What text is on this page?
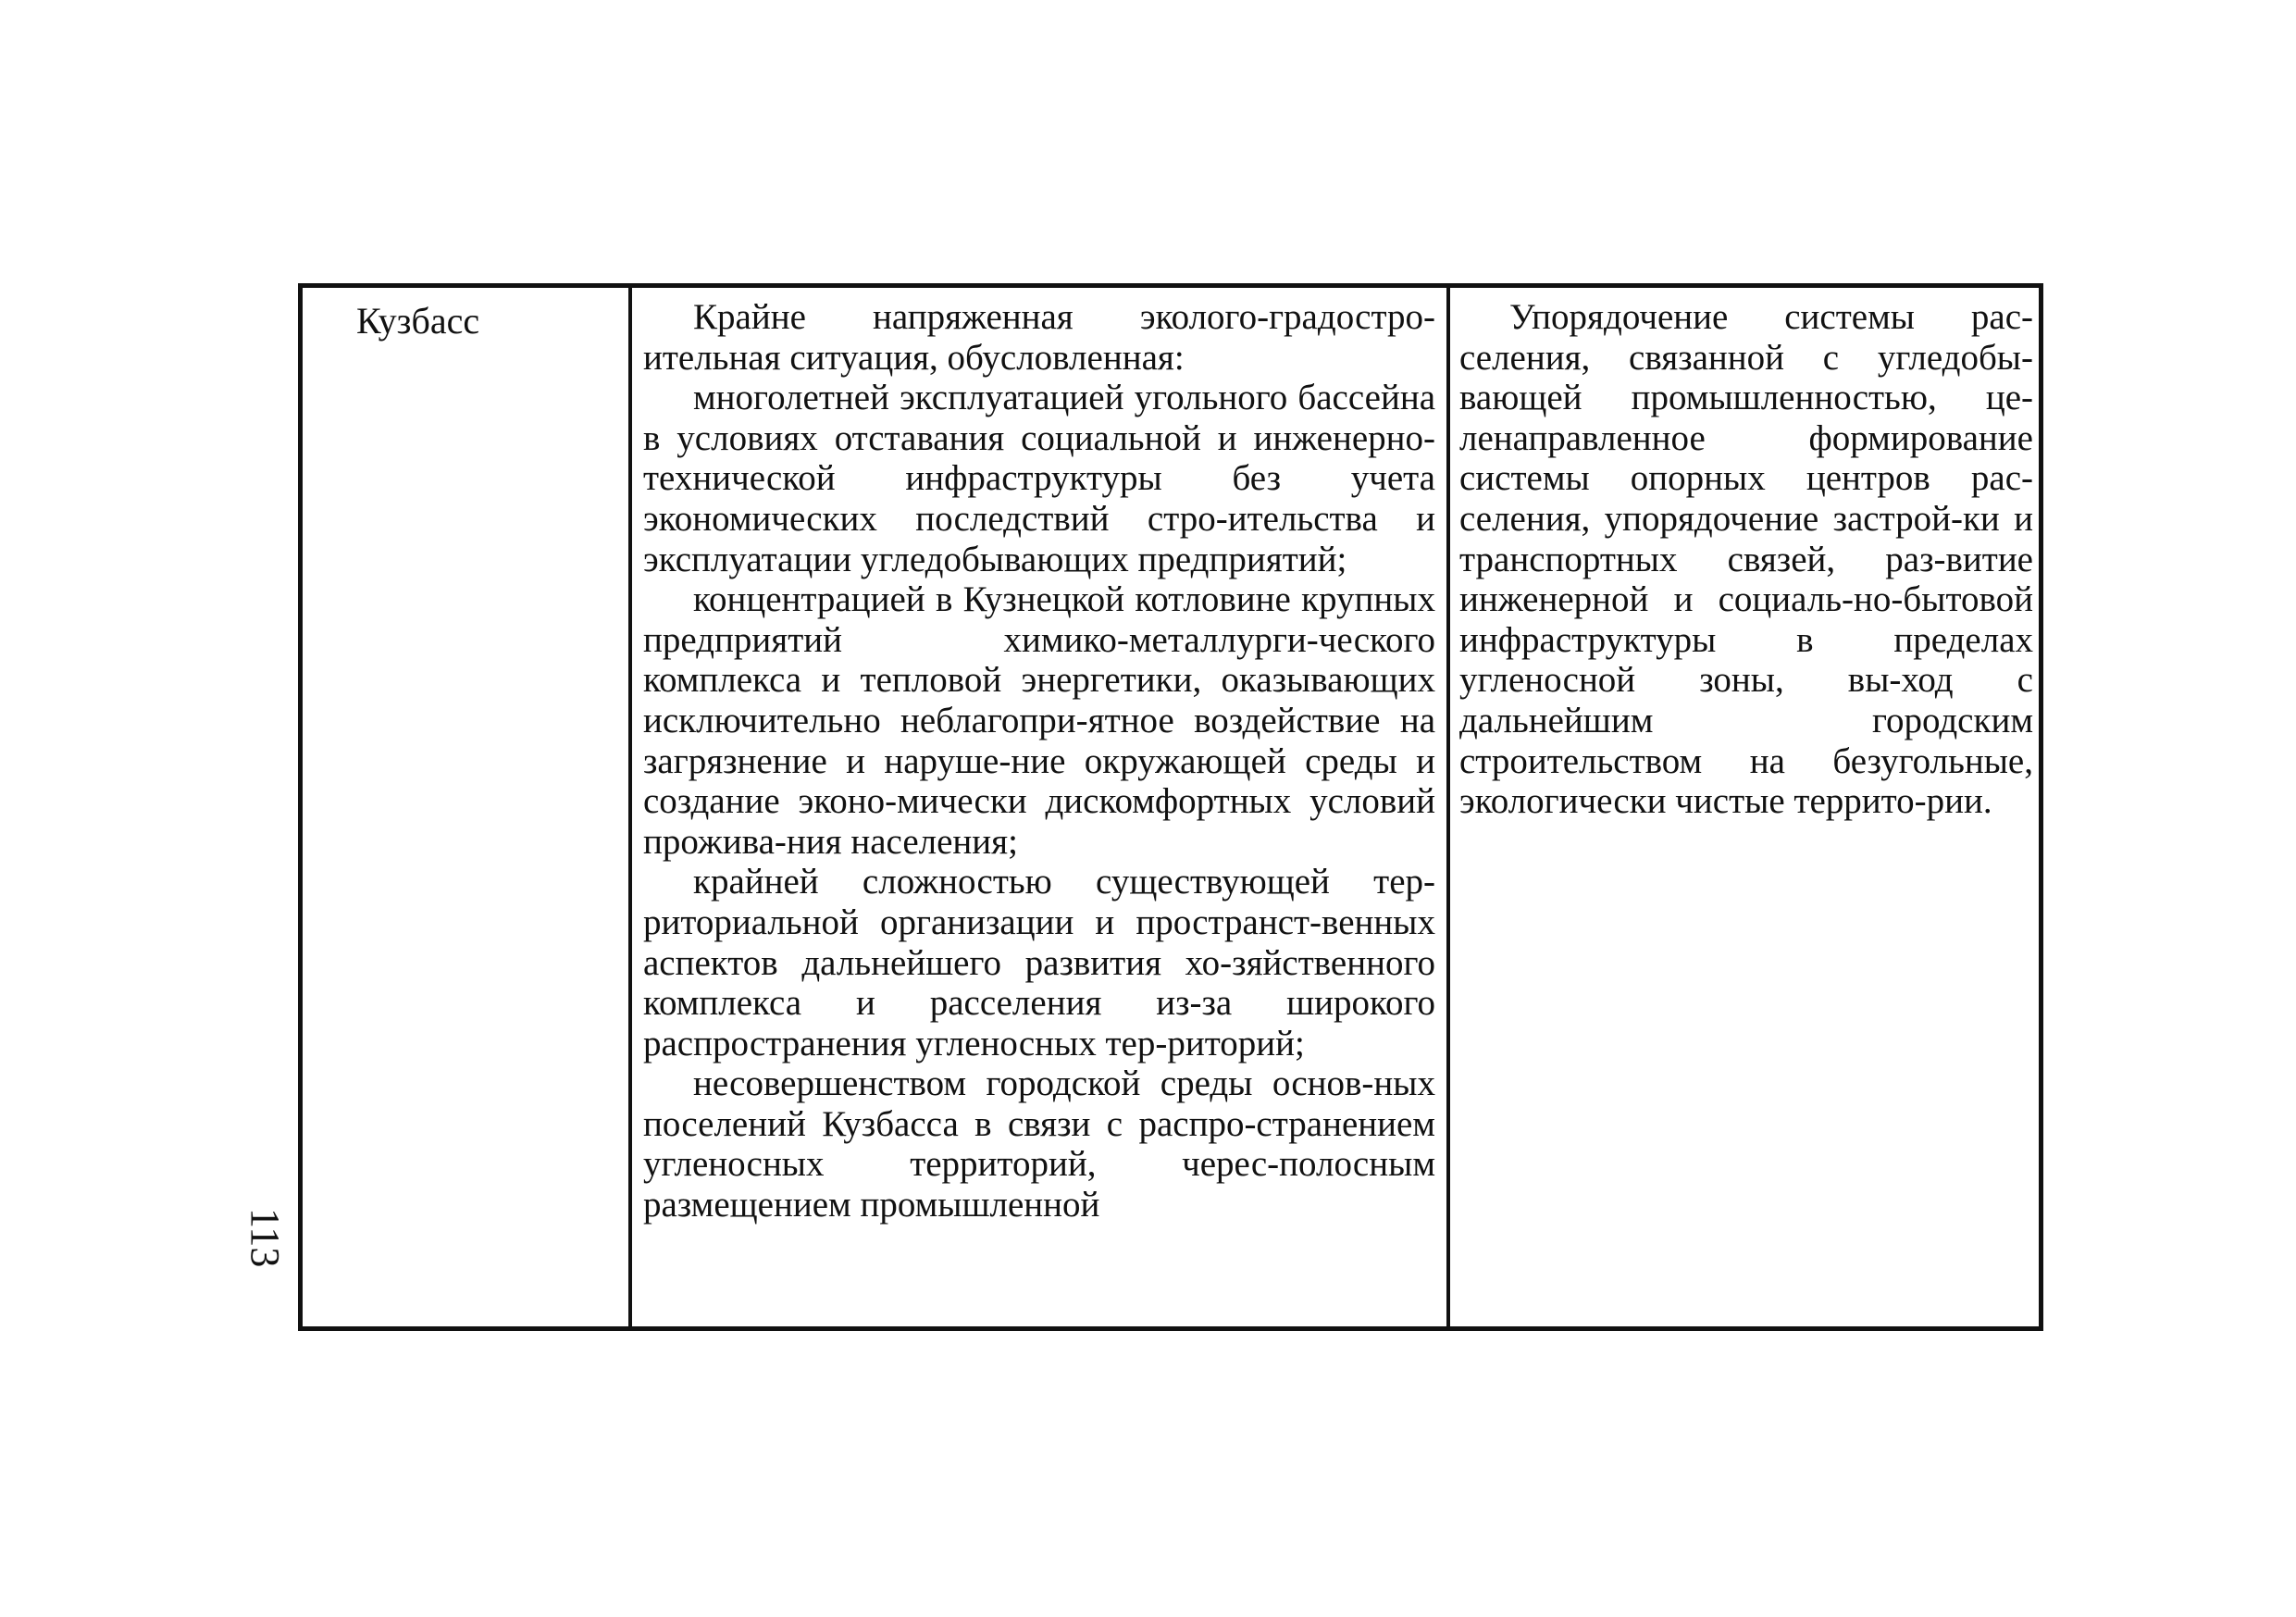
113

Кузбасс	Крайне напряженная эколого-градостро-ительная ситуация, обусловленная:

многолетней эксплуатацией угольного бассейна в условиях отставания социальной и инженерно-технической инфраструктуры без учета экономических последствий стро-ительства и эксплуатации угледобывающих предприятий;

концентрацией в Кузнецкой котловине крупных предприятий химико-металлурги-ческого комплекса и тепловой энергетики, оказывающих исключительно неблагопри-ятное воздействие на загрязнение и наруше-ние окружающей среды и создание эконо-мически дискомфортных условий прожива-ния населения;

крайней сложностью существующей тер-риториальной организации и пространст-венных аспектов дальнейшего развития хо-зяйственного комплекса и расселения из-за широкого распространения угленосных тер-риторий;

несовершенством городской среды основ-ных поселений Кузбасса в связи с распро-странением угленосных территорий, черес-полосным размещением промышленной

Упорядочение системы рас-селения, связанной с угледобы-вающей промышленностью, це-ленаправленное формирование системы опорных центров рас-селения, упорядочение застрой-ки и транспортных связей, раз-витие инженерной и социаль-но-бытовой инфраструктуры в пределах угленосной зоны, вы-ход с дальнейшим городским строительством на безугольные, экологически чистые террито-рии.
